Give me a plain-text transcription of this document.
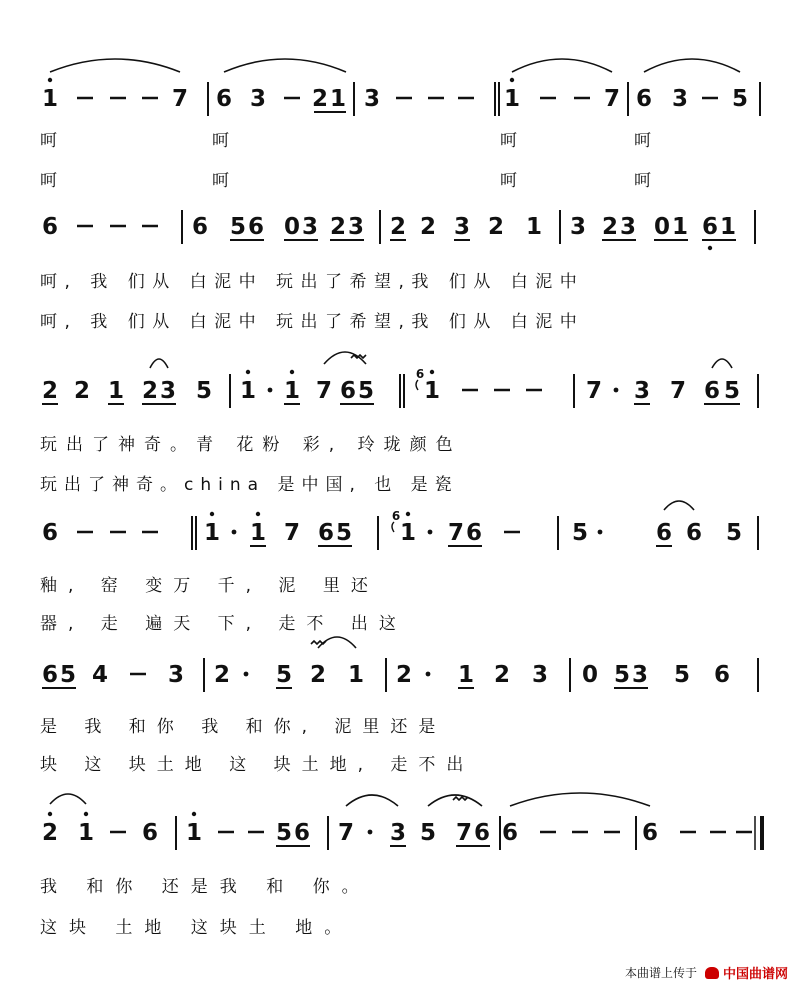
1	7 6 3 2 1 3	1	7 6 3 5
6	6 5 6 0 3 2 3 2 2 3 2 1 3 2 3 0 1 6 1
2 2 1 2 3 5 1 1 7 6 5
6
1	7 3 7 6 5
6	1 1 7 6 5
6
1 7 6	5	6 6 5
6 5 4	3 2 5 2 1 2 1 2 3 0 5 3 5 6
2 1 6 1	5 6 7 3 5 7 6 6	6
呵	呵	呵	呵
呵	呵	呵	呵
呵, 我 们从 白泥中 玩出了希望,我 们从 白泥中
呵, 我 们从 白泥中 玩出了希望,我 们从 白泥中
玩出了神奇。青 花粉 彩, 玲珑颜色
玩出了神奇。china 是中国, 也 是瓷
釉, 窑 变万 千, 泥 里还
器, 走 遍天 下, 走不 出这
是 我 和你 我 和你, 泥里还是
块 这 块土地 这 块土地, 走不出
我 和你 还是我 和 你。
这块 土地 这块土 地。
本曲谱上传于 中国曲谱网
